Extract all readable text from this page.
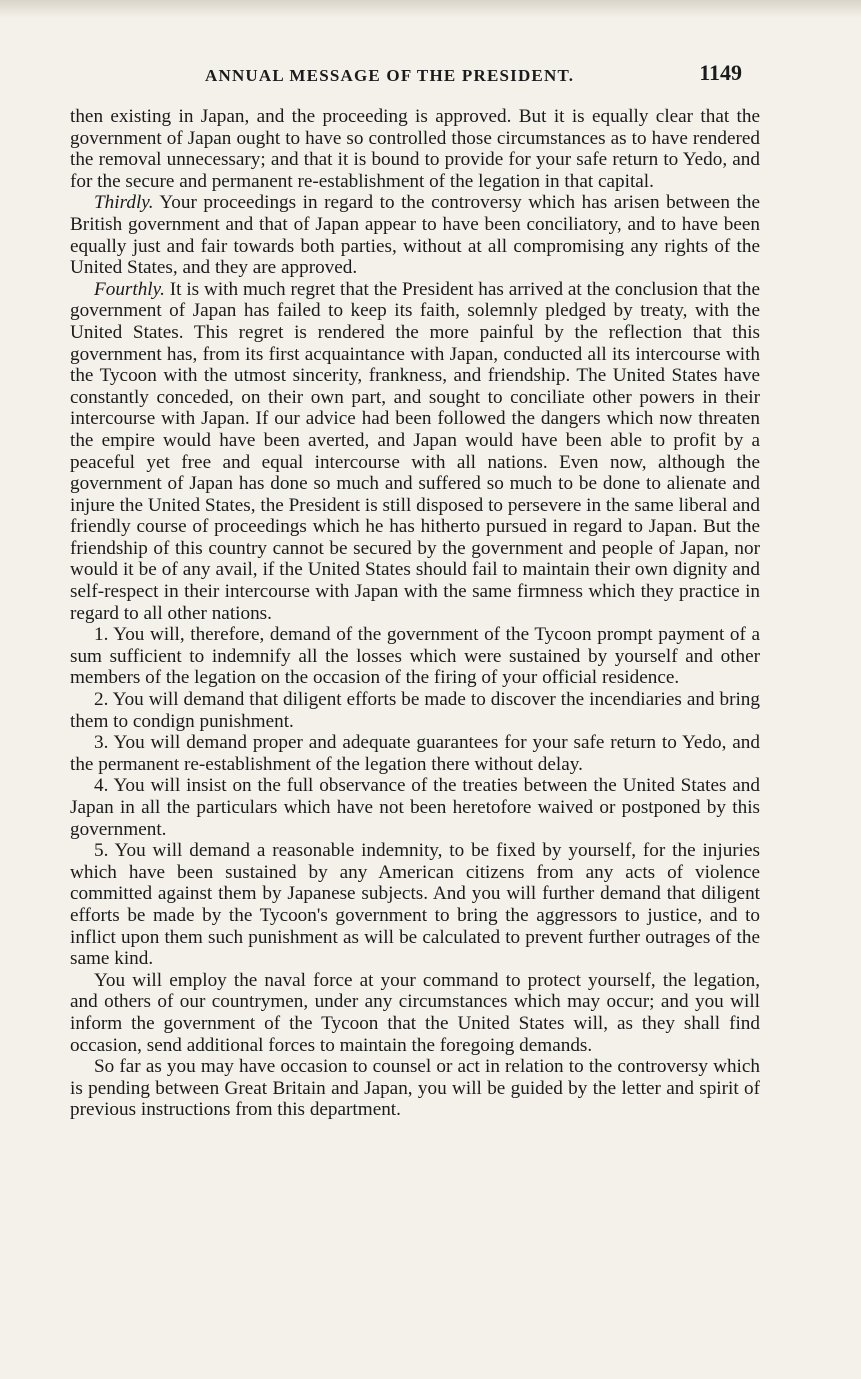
ANNUAL MESSAGE OF THE PRESIDENT.	1149

then existing in Japan, and the proceeding is approved. But it is equally clear that the government of Japan ought to have so controlled those circumstances as to have rendered the removal unnecessary; and that it is bound to provide for your safe return to Yedo, and for the secure and permanent re-establishment of the legation in that capital.

Thirdly. Your proceedings in regard to the controversy which has arisen between the British government and that of Japan appear to have been conciliatory, and to have been equally just and fair towards both parties, without at all compromising any rights of the United States, and they are approved.

Fourthly. It is with much regret that the President has arrived at the conclusion that the government of Japan has failed to keep its faith, solemnly pledged by treaty, with the United States. This regret is rendered the more painful by the reflection that this government has, from its first acquaintance with Japan, conducted all its intercourse with the Tycoon with the utmost sincerity, frankness, and friendship. The United States have constantly conceded, on their own part, and sought to conciliate other powers in their intercourse with Japan. If our advice had been followed the dangers which now threaten the empire would have been averted, and Japan would have been able to profit by a peaceful yet free and equal intercourse with all nations. Even now, although the government of Japan has done so much and suffered so much to be done to alienate and injure the United States, the President is still disposed to persevere in the same liberal and friendly course of proceedings which he has hitherto pursued in regard to Japan. But the friendship of this country cannot be secured by the government and people of Japan, nor would it be of any avail, if the United States should fail to maintain their own dignity and self-respect in their intercourse with Japan with the same firmness which they practice in regard to all other nations.

1. You will, therefore, demand of the government of the Tycoon prompt payment of a sum sufficient to indemnify all the losses which were sustained by yourself and other members of the legation on the occasion of the firing of your official residence.

2. You will demand that diligent efforts be made to discover the incendiaries and bring them to condign punishment.

3. You will demand proper and adequate guarantees for your safe return to Yedo, and the permanent re-establishment of the legation there without delay.

4. You will insist on the full observance of the treaties between the United States and Japan in all the particulars which have not been heretofore waived or postponed by this government.

5. You will demand a reasonable indemnity, to be fixed by yourself, for the injuries which have been sustained by any American citizens from any acts of violence committed against them by Japanese subjects. And you will further demand that diligent efforts be made by the Tycoon's government to bring the aggressors to justice, and to inflict upon them such punishment as will be calculated to prevent further outrages of the same kind.

You will employ the naval force at your command to protect yourself, the legation, and others of our countrymen, under any circumstances which may occur; and you will inform the government of the Tycoon that the United States will, as they shall find occasion, send additional forces to maintain the foregoing demands.

So far as you may have occasion to counsel or act in relation to the controversy which is pending between Great Britain and Japan, you will be guided by the letter and spirit of previous instructions from this department.
